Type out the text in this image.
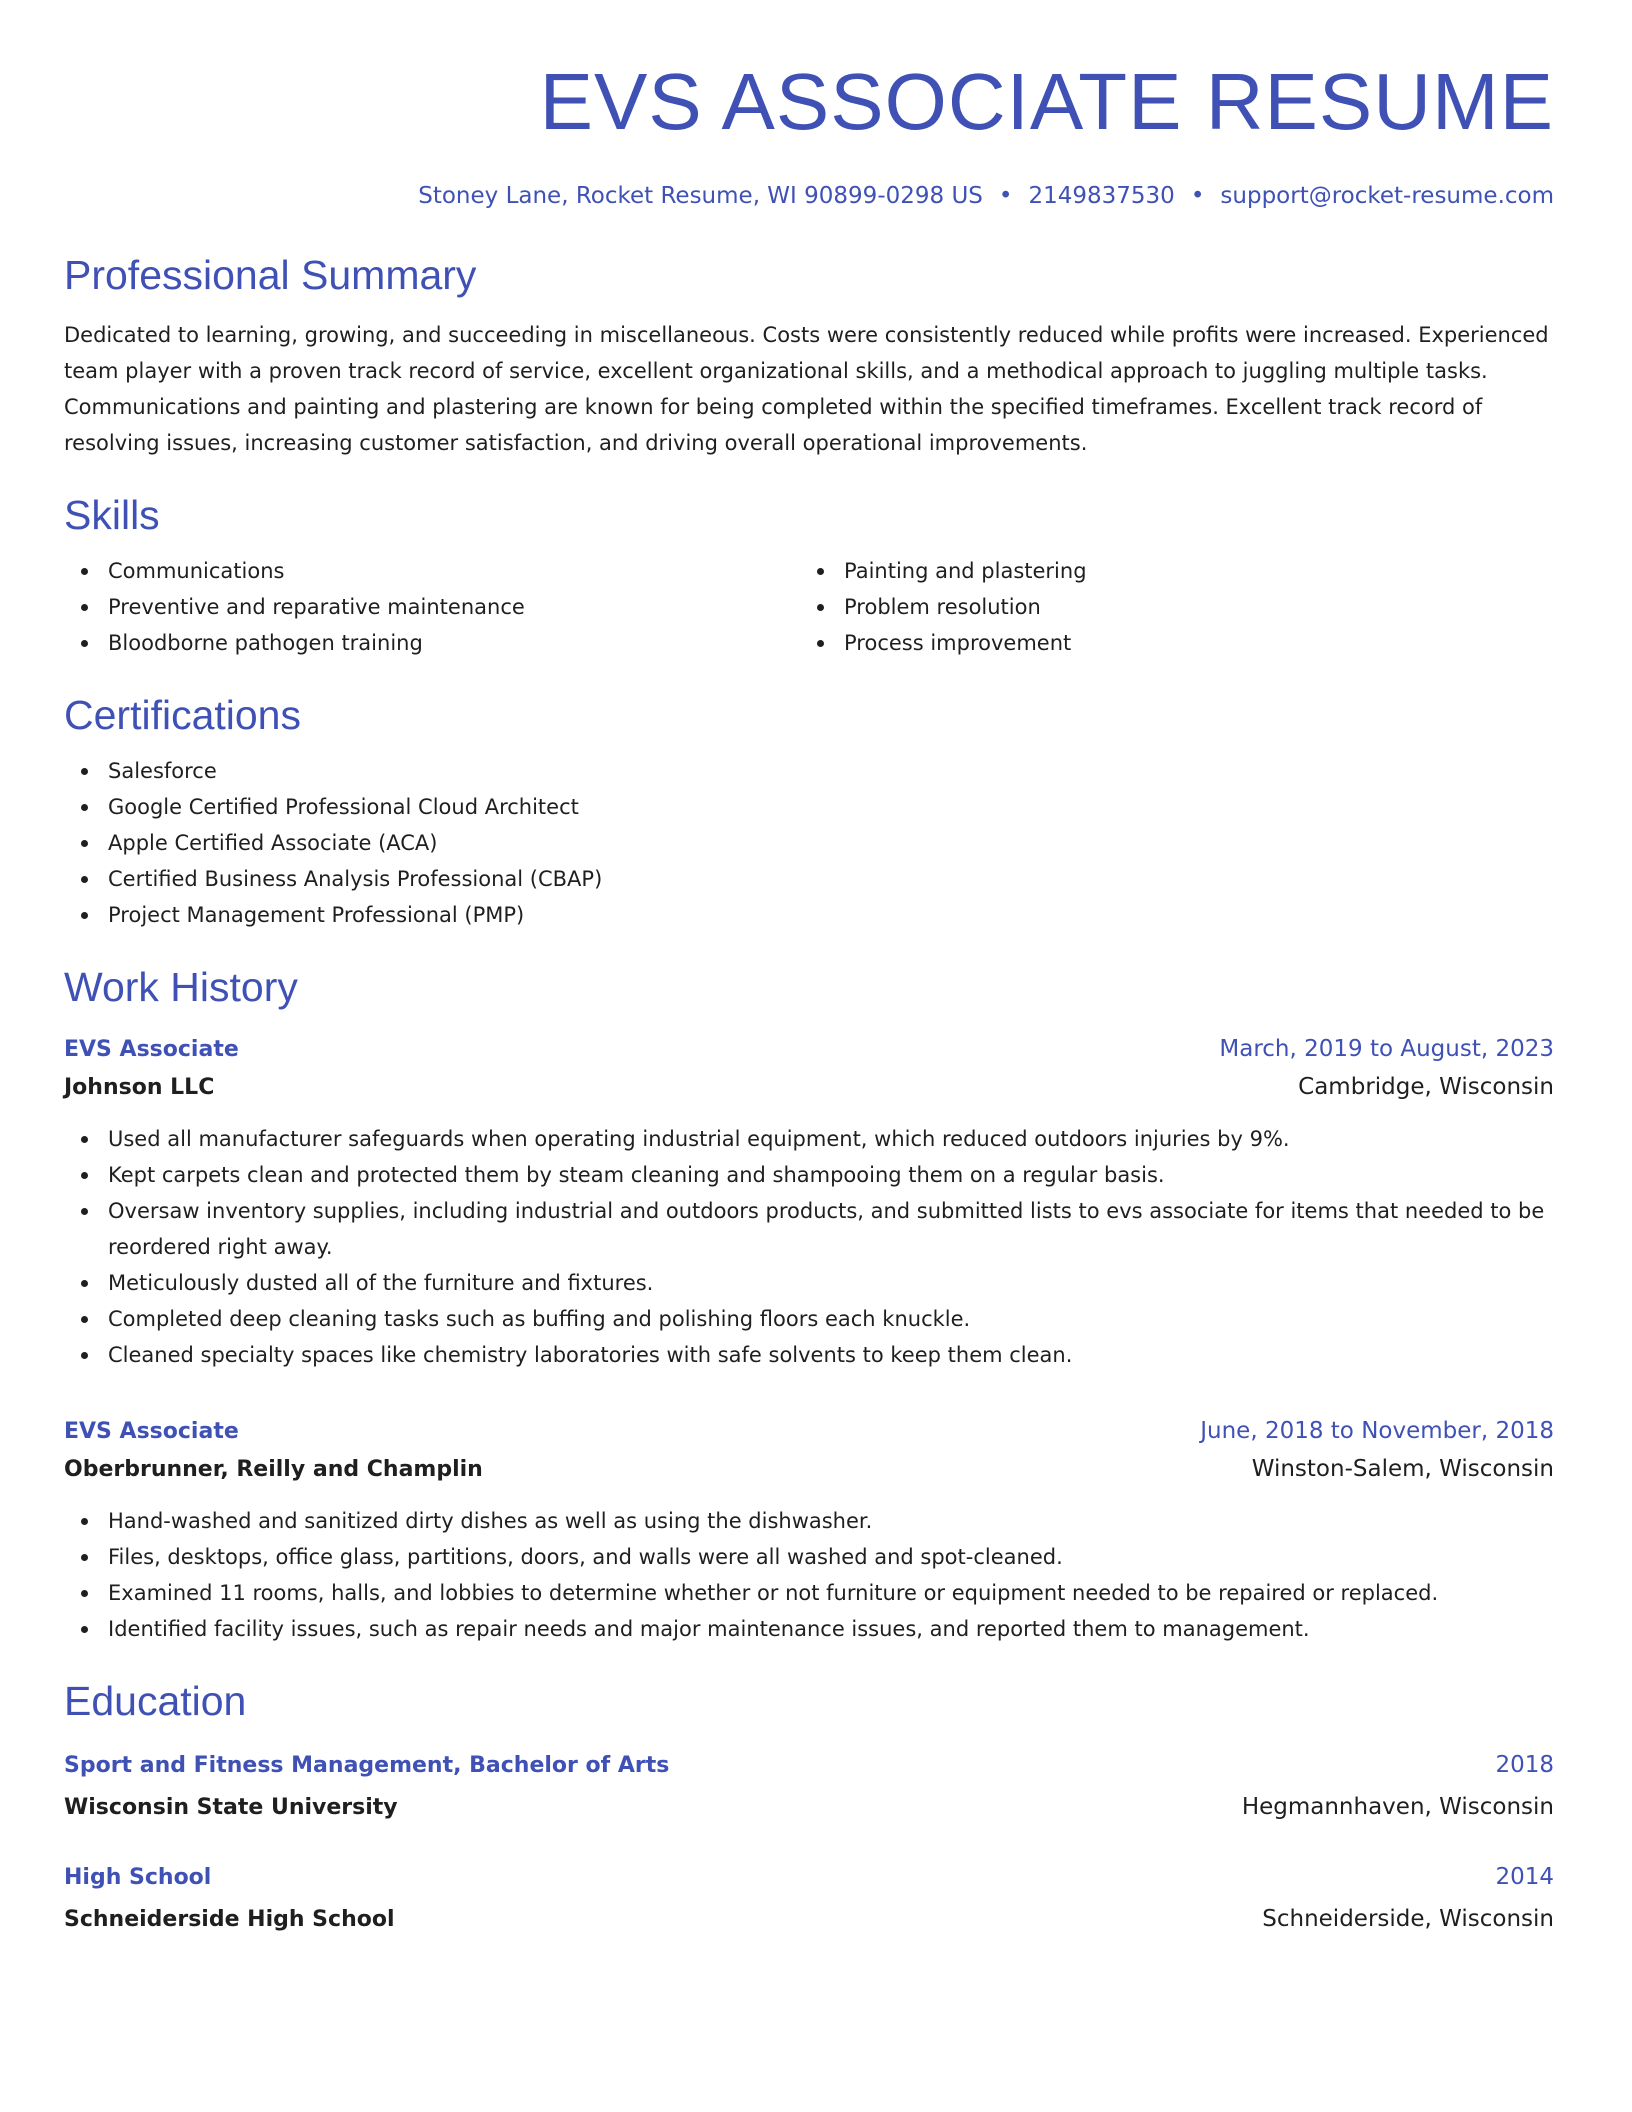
EVS ASSOCIATE RESUME
Stoney Lane, Rocket Resume, WI 90899-0298 US • 2149837530 • support@rocket-resume.com
Professional Summary

Dedicated to learning, growing, and succeeding in miscellaneous. Costs were consistently reduced while profits were increased. Experienced team player with a proven track record of service, excellent organizational skills, and a methodical approach to juggling multiple tasks. Communications and painting and plastering are known for being completed within the specified timeframes. Excellent track record of resolving issues, increasing customer satisfaction, and driving overall operational improvements.

Skills
Communications
Preventive and reparative maintenance
Bloodborne pathogen training
Painting and plastering
Problem resolution
Process improvement
Certifications
Salesforce
Google Certified Professional Cloud Architect
Apple Certified Associate (ACA)
Certified Business Analysis Professional (CBAP)
Project Management Professional (PMP)
Work History
EVS Associate	March, 2019 to August, 2023
Johnson LLC	Cambridge, Wisconsin
Used all manufacturer safeguards when operating industrial equipment, which reduced outdoors injuries by 9%.
Kept carpets clean and protected them by steam cleaning and shampooing them on a regular basis.
Oversaw inventory supplies, including industrial and outdoors products, and submitted lists to evs associate for items that needed to be reordered right away.
Meticulously dusted all of the furniture and fixtures.
Completed deep cleaning tasks such as buffing and polishing floors each knuckle.
Cleaned specialty spaces like chemistry laboratories with safe solvents to keep them clean.
EVS Associate	June, 2018 to November, 2018
Oberbrunner, Reilly and Champlin	Winston-Salem, Wisconsin
Hand-washed and sanitized dirty dishes as well as using the dishwasher.
Files, desktops, office glass, partitions, doors, and walls were all washed and spot-cleaned.
Examined 11 rooms, halls, and lobbies to determine whether or not furniture or equipment needed to be repaired or replaced.
Identified facility issues, such as repair needs and major maintenance issues, and reported them to management.
Education
Sport and Fitness Management, Bachelor of Arts	2018
Wisconsin State University	Hegmannhaven, Wisconsin
High School	2014
Schneiderside High School	Schneiderside, Wisconsin
